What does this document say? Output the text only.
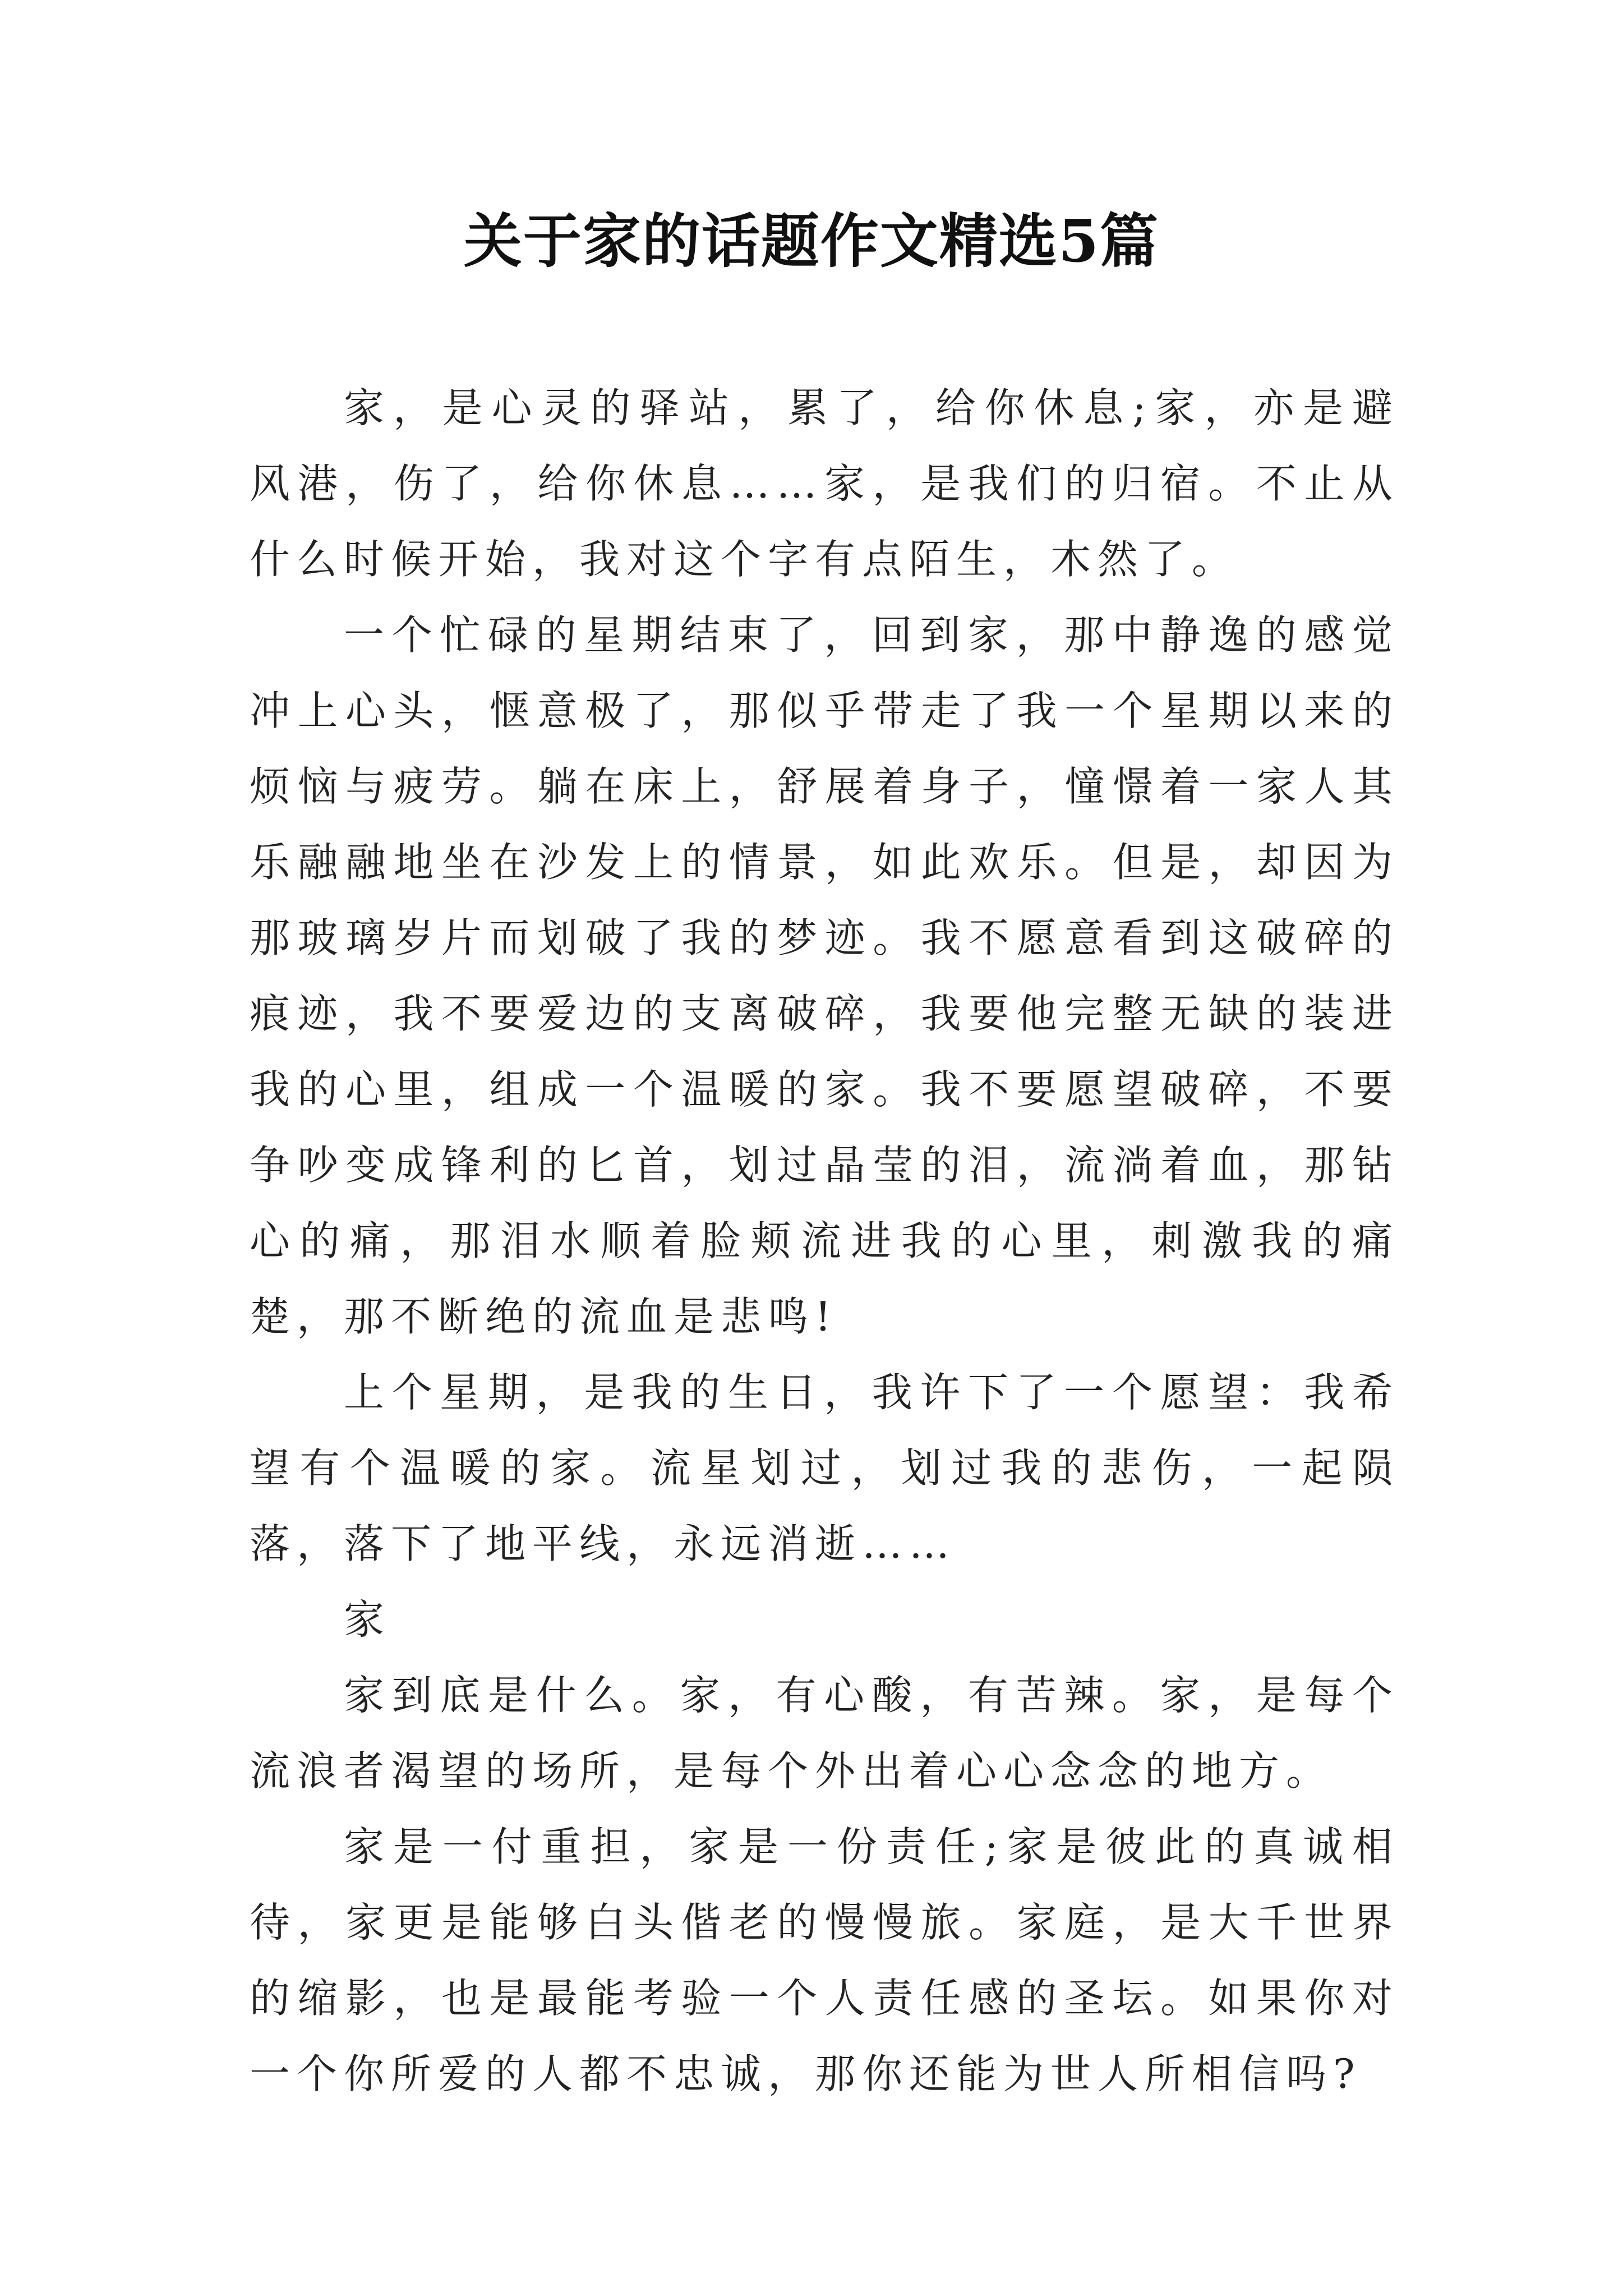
关于家的话题作文精选5篇

家，是心灵的驿站，累了，给你休息;家，亦是避风港，伤了，给你休息……家，是我们的归宿。不止从什么时候开始，我对这个字有点陌生，木然了。

一个忙碌的星期结束了，回到家，那中静逸的感觉冲上心头，惬意极了，那似乎带走了我一个星期以来的烦恼与疲劳。躺在床上，舒展着身子，憧憬着一家人其乐融融地坐在沙发上的情景，如此欢乐。但是，却因为那玻璃岁片而划破了我的梦迹。我不愿意看到这破碎的痕迹，我不要爱边的支离破碎，我要他完整无缺的装进我的心里，组成一个温暖的家。我不要愿望破碎，不要争吵变成锋利的匕首，划过晶莹的泪，流淌着血，那钻心的痛，那泪水顺着脸颊流进我的心里，刺激我的痛楚，那不断绝的流血是悲鸣!

上个星期，是我的生日，我许下了一个愿望：我希望有个温暖的家。流星划过，划过我的悲伤，一起陨落，落下了地平线，永远消逝……

家

家到底是什么。家，有心酸，有苦辣。家，是每个流浪者渴望的场所，是每个外出着心心念念的地方。

家是一付重担，家是一份责任;家是彼此的真诚相待，家更是能够白头偕老的慢慢旅。家庭，是大千世界的缩影，也是最能考验一个人责任感的圣坛。如果你对一个你所爱的人都不忠诚，那你还能为世人所相信吗?
